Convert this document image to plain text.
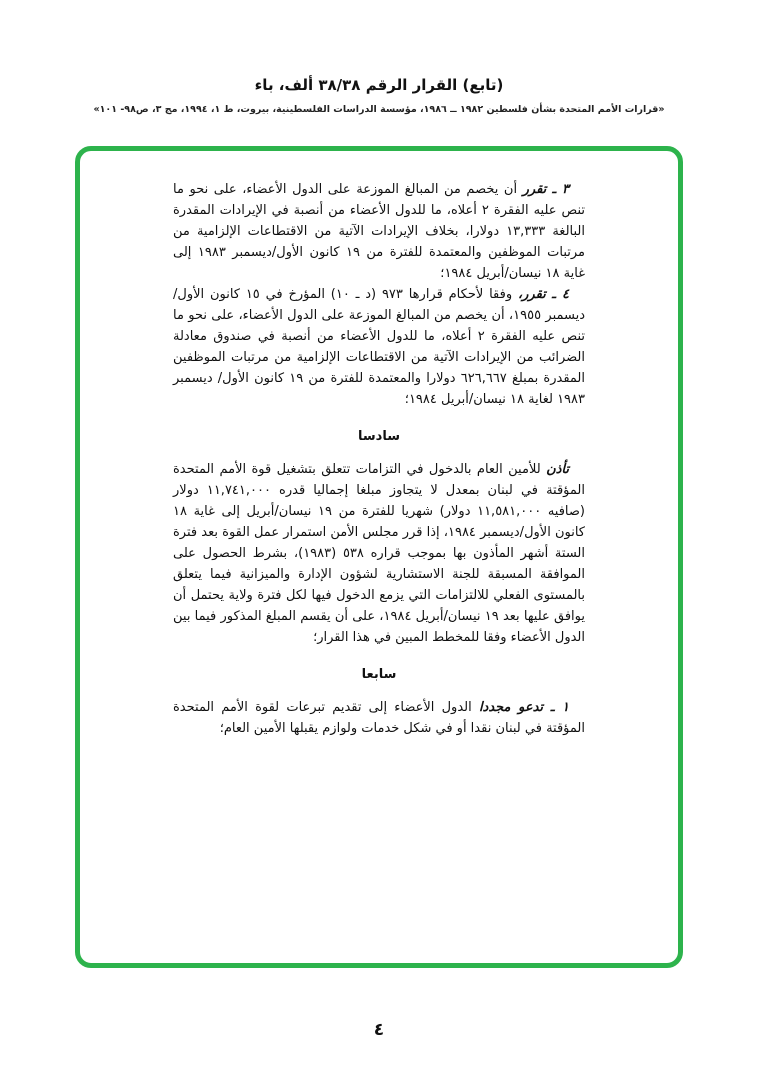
(تابع) القرار الرقم ٣٨/٣٨ ألف، باء
«قرارات الأمم المتحدة بشأن فلسطين ١٩٨٢ ــ ١٩٨٦، مؤسسة الدراسات الفلسطينية، بيروت، ط ١، ١٩٩٤، مج ٣، ص٩٨- ١٠١»

٣ ـ تقرر أن يخصم من المبالغ الموزعة على الدول الأعضاء، على نحو ما تنص عليه الفقرة ٢ أعلاه، ما للدول الأعضاء من أنصبة في الإيرادات المقدرة البالغة ١٣,٣٣٣ دولارا، بخلاف الإيرادات الآتية من الاقتطاعات الإلزامية من مرتبات الموظفين والمعتمدة للفترة من ١٩ كانون الأول/ديسمبر ١٩٨٣ إلى غاية ١٨ نيسان/أبريل ١٩٨٤؛

٤ ـ تقرر، وفقا لأحكام قرارها ٩٧٣ (د ـ ١٠) المؤرخ في ١٥ كانون الأول/ديسمبر ١٩٥٥، أن يخصم من المبالغ الموزعة على الدول الأعضاء، على نحو ما تنص عليه الفقرة ٢ أعلاه، ما للدول الأعضاء من أنصبة في صندوق معادلة الضرائب من الإيرادات الآتية من الاقتطاعات الإلزامية من مرتبات الموظفين المقدرة بمبلغ ٦٢٦,٦٦٧ دولارا والمعتمدة للفترة من ١٩ كانون الأول/ ديسمبر ١٩٨٣ لغاية ١٨ نيسان/أبريل ١٩٨٤؛

سادسا

تأذن للأمين العام بالدخول في التزامات تتعلق بتشغيل قوة الأمم المتحدة المؤقتة في لبنان بمعدل لا يتجاوز مبلغا إجماليا قدره ١١,٧٤١,٠٠٠ دولار (صافيه ١١,٥٨١,٠٠٠ دولار) شهريا للفترة من ١٩ نيسان/أبريل إلى غاية ١٨ كانون الأول/ديسمبر ١٩٨٤، إذا قرر مجلس الأمن استمرار عمل القوة بعد فترة الستة أشهر المأذون بها بموجب قراره ٥٣٨ (١٩٨٣)، بشرط الحصول على الموافقة المسبقة للجنة الاستشارية لشؤون الإدارة والميزانية فيما يتعلق بالمستوى الفعلي للالتزامات التي يزمع الدخول فيها لكل فترة ولاية يحتمل أن يوافق عليها بعد ١٩ نيسان/أبريل ١٩٨٤، على أن يقسم المبلغ المذكور فيما بين الدول الأعضاء وفقا للمخطط المبين في هذا القرار؛

سابعا

١ ـ تدعو مجددا الدول الأعضاء إلى تقديم تبرعات لقوة الأمم المتحدة المؤقتة في لبنان نقدا أو في شكل خدمات ولوازم يقبلها الأمين العام؛

٤
